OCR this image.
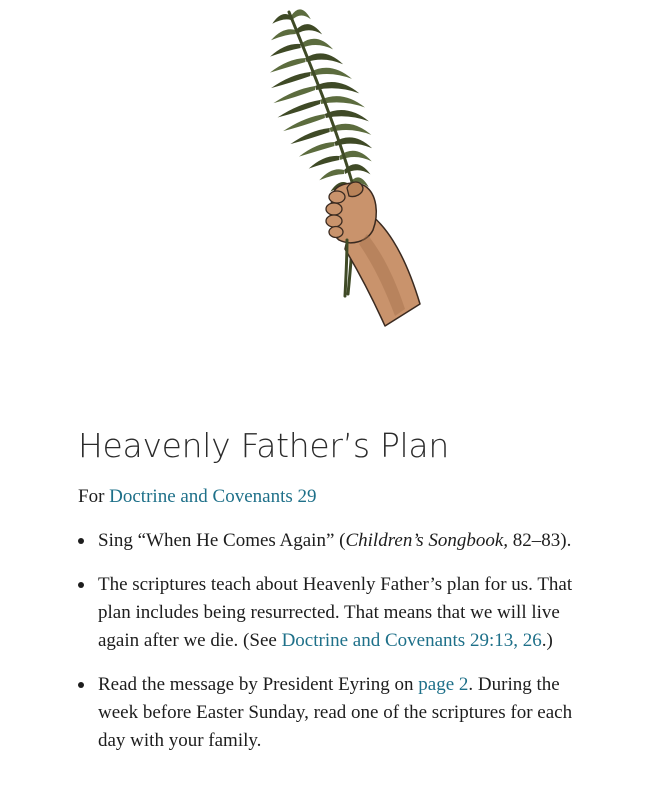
Heavenly Father’s Plan
For Doctrine and Covenants 29
Sing “When He Comes Again” (Children’s Songbook, 82–83).
The scriptures teach about Heavenly Father’s plan for us. That plan includes being resurrected. That means that we will live again after we die. (See Doctrine and Covenants 29:13, 26.)
Read the message by President Eyring on page 2. During the week before Easter Sunday, read one of the scriptures for each day with your family.
